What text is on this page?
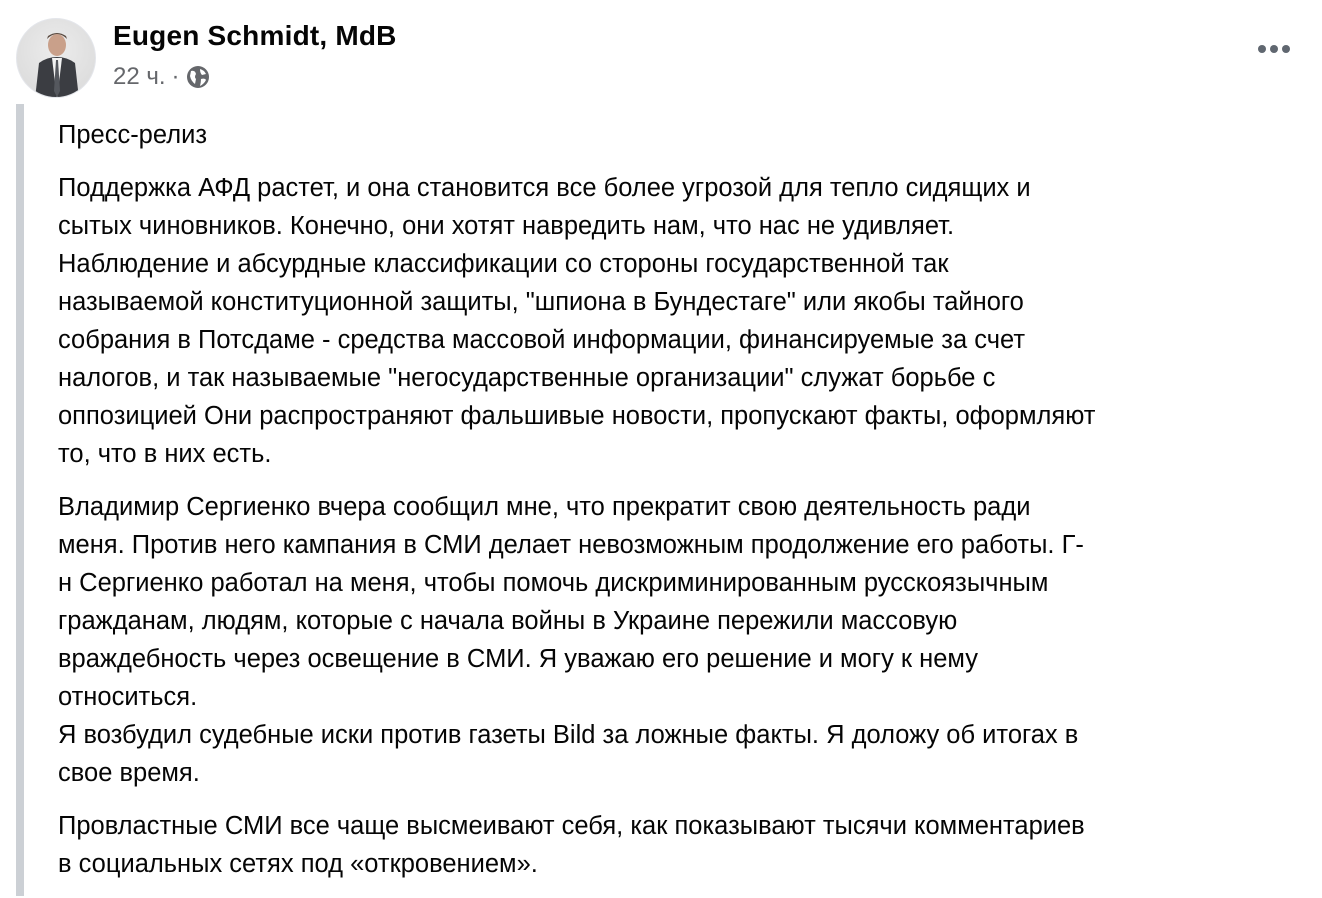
Eugen Schmidt, MdB
22 ч. ·
Пресс-релиз
Поддержка АФД растет, и она становится все более угрозой для тепло сидящих и
сытых чиновников. Конечно, они хотят навредить нам, что нас не удивляет.
Наблюдение и абсурдные классификации со стороны государственной так
называемой конституционной защиты, "шпиона в Бундестаге" или якобы тайного
собрания в Потсдаме - средства массовой информации, финансируемые за счет
налогов, и так называемые "негосударственные организации" служат борьбе с
оппозицией Они распространяют фальшивые новости, пропускают факты, оформляют
то, что в них есть.
Владимир Сергиенко вчера сообщил мне, что прекратит свою деятельность ради
меня. Против него кампания в СМИ делает невозможным продолжение его работы. Г-
н Сергиенко работал на меня, чтобы помочь дискриминированным русскоязычным
гражданам, людям, которые с начала войны в Украине пережили массовую
враждебность через освещение в СМИ. Я уважаю его решение и могу к нему
относиться.
Я возбудил судебные иски против газеты Bild за ложные факты. Я доложу об итогах в
свое время.
Провластные СМИ все чаще высмеивают себя, как показывают тысячи комментариев
в социальных сетях под «откровением».
